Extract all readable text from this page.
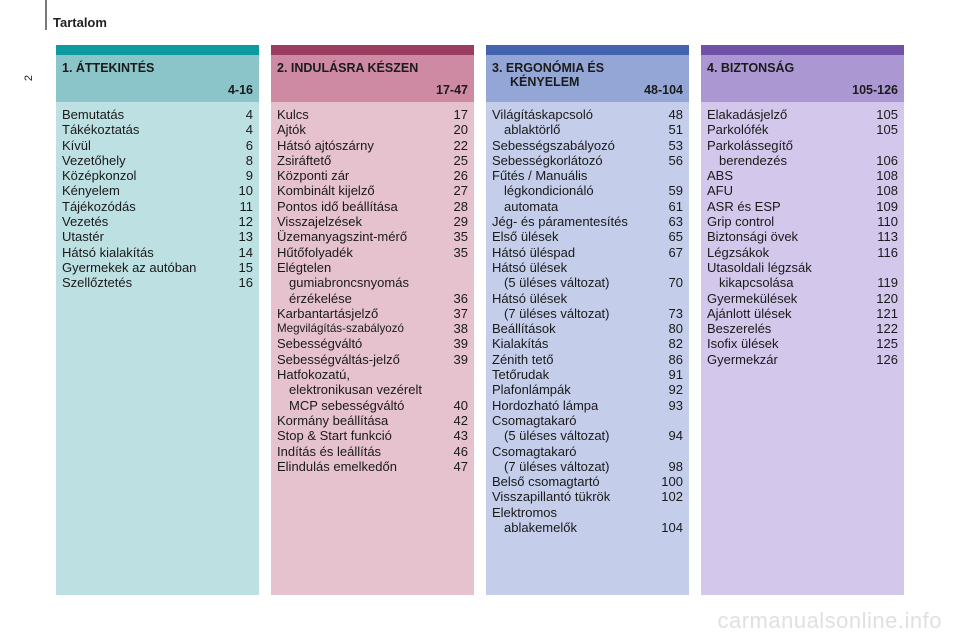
2
Tartalom
1. ÁTTEKINTÉS
4-16
Bemutatás	4
Tákékoztatás	4
Kívül	6
Vezetőhely	8
Középkonzol	9
Kényelem	10
Tájékozódás	11
Vezetés	12
Utastér	13
Hátsó kialakítás	14
Gyermekek az autóban	15
Szellőztetés	16
2. INDULÁSRA KÉSZEN
17-47
Kulcs	17
Ajtók	20
Hátsó ajtószárny	22
Zsiráftető	25
Központi zár	26
Kombinált kijelző	27
Pontos idő beállítása	28
Visszajelzések	29
Üzemanyagszint-mérő	35
Hűtőfolyadék	35
Elégtelen
gumiabroncsnyomás
érzékelése	36
Karbantartásjelző	37
Megvilágítás-szabályozó	38
Sebességváltó	39
Sebességváltás-jelző	39
Hatfokozatú,
elektronikusan vezérelt
MCP sebességváltó	40
Kormány beállítása	42
Stop & Start funkció	43
Indítás és leállítás	46
Elindulás emelkedőn	47
3. ERGONÓMIA ÉS
KÉNYELEM
48-104
Világításkapcsoló	48
ablaktörlő	51
Sebességszabályozó	53
Sebességkorlátozó	56
Fűtés / Manuális
légkondicionáló	59
automata	61
Jég- és páramentesítés	63
Első ülések	65
Hátsó üléspad	67
Hátsó ülések
(5 üléses változat)	70
Hátsó ülések
(7 üléses változat)	73
Beállítások	80
Kialakítás	82
Zénith tető	86
Tetőrudak	91
Plafonlámpák	92
Hordozható lámpa	93
Csomagtakaró
(5 üléses változat)	94
Csomagtakaró
(7 üléses változat)	98
Belső csomagtartó	100
Visszapillantó tükrök	102
Elektromos
ablakemelők	104
4. BIZTONSÁG
105-126
Elakadásjelző	105
Parkolófék	105
Parkolássegítő
berendezés	106
ABS	108
AFU	108
ASR és ESP	109
Grip control	110
Biztonsági övek	113
Légzsákok	116
Utasoldali légzsák
kikapcsolása	119
Gyermekülések	120
Ajánlott ülések	121
Beszerelés	122
Isofix ülések	125
Gyermekzár	126
carmanualsonline.info
